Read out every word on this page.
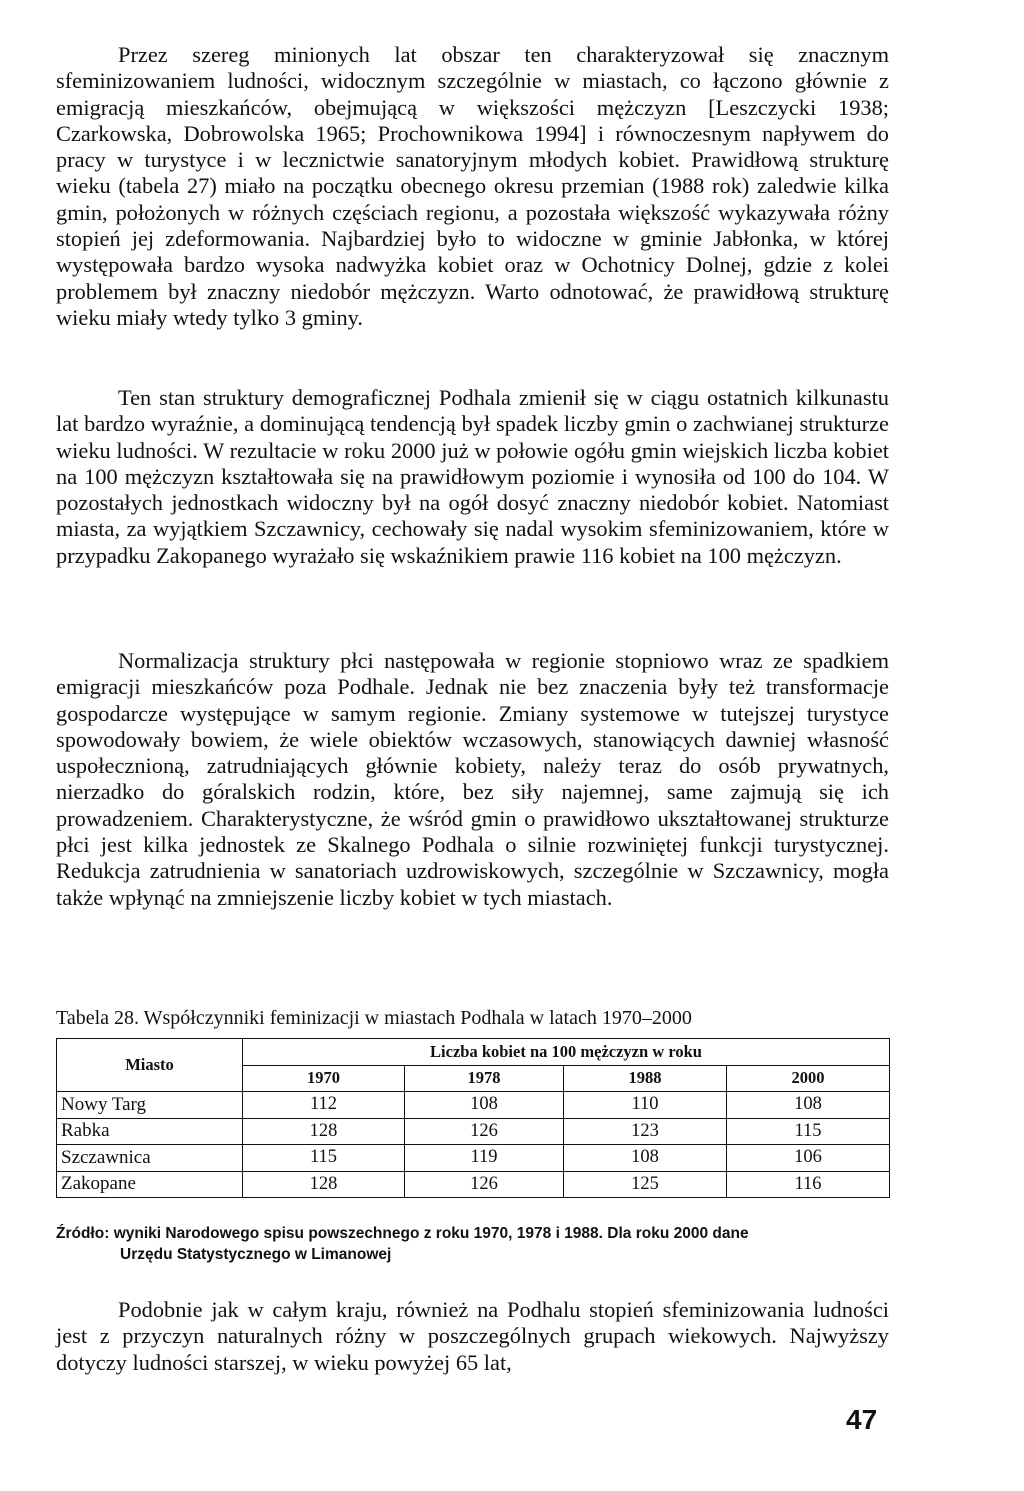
Przez szereg minionych lat obszar ten charakteryzował się znacznym sfeminizowaniem ludności, widocznym szczególnie w miastach, co łączono głównie z emigracją mieszkańców, obejmującą w większości mężczyzn [Leszczycki 1938; Czarkowska, Dobrowolska 1965; Prochownikowa 1994] i równoczesnym napływem do pracy w turystyce i w lecznictwie sanatoryjnym młodych kobiet. Prawidłową strukturę wieku (tabela 27) miało na początku obecnego okresu przemian (1988 rok) zaledwie kilka gmin, położonych w różnych częściach regionu, a pozostała większość wykazywała różny stopień jej zdeformowania. Najbardziej było to widoczne w gminie Jabłonka, w której występowała bardzo wysoka nadwyżka kobiet oraz w Ochotnicy Dolnej, gdzie z kolei problemem był znaczny niedobór mężczyzn. Warto odnotować, że prawidłową strukturę wieku miały wtedy tylko 3 gminy.

Ten stan struktury demograficznej Podhala zmienił się w ciągu ostatnich kilkunastu lat bardzo wyraźnie, a dominującą tendencją był spadek liczby gmin o zachwianej strukturze wieku ludności. W rezultacie w roku 2000 już w połowie ogółu gmin wiejskich liczba kobiet na 100 mężczyzn kształtowała się na prawidłowym poziomie i wynosiła od 100 do 104. W pozostałych jednostkach widoczny był na ogół dosyć znaczny niedobór kobiet. Natomiast miasta, za wyjątkiem Szczawnicy, cechowały się nadal wysokim sfeminizowaniem, które w przypadku Zakopanego wyrażało się wskaźnikiem prawie 116 kobiet na 100 mężczyzn.

Normalizacja struktury płci następowała w regionie stopniowo wraz ze spadkiem emigracji mieszkańców poza Podhale. Jednak nie bez znaczenia były też transformacje gospodarcze występujące w samym regionie. Zmiany systemowe w tutejszej turystyce spowodowały bowiem, że wiele obiektów wczasowych, stanowiących dawniej własność uspołecznioną, zatrudniających głównie kobiety, należy teraz do osób prywatnych, nierzadko do góralskich rodzin, które, bez siły najemnej, same zajmują się ich prowadzeniem. Charakterystyczne, że wśród gmin o prawidłowo ukształtowanej strukturze płci jest kilka jednostek ze Skalnego Podhala o silnie rozwiniętej funkcji turystycznej. Redukcja zatrudnienia w sanatoriach uzdrowiskowych, szczególnie w Szczawnicy, mogła także wpłynąć na zmniejszenie liczby kobiet w tych miastach.

Tabela 28. Współczynniki feminizacji w miastach Podhala w latach 1970–2000

Miasto	Liczba kobiet na 100 mężczyzn w roku			
	1970	1978	1988	2000
Nowy Targ	112	108	110	108
Rabka	128	126	123	115
Szczawnica	115	119	108	106
Zakopane	128	126	125	116

Źródło: wyniki Narodowego spisu powszechnego z roku 1970, 1978 i 1988. Dla roku 2000 dane
Urzędu Statystycznego w Limanowej

Podobnie jak w całym kraju, również na Podhalu stopień sfeminizowania ludności jest z przyczyn naturalnych różny w poszczególnych grupach wiekowych. Najwyższy dotyczy ludności starszej, w wieku powyżej 65 lat,

47
